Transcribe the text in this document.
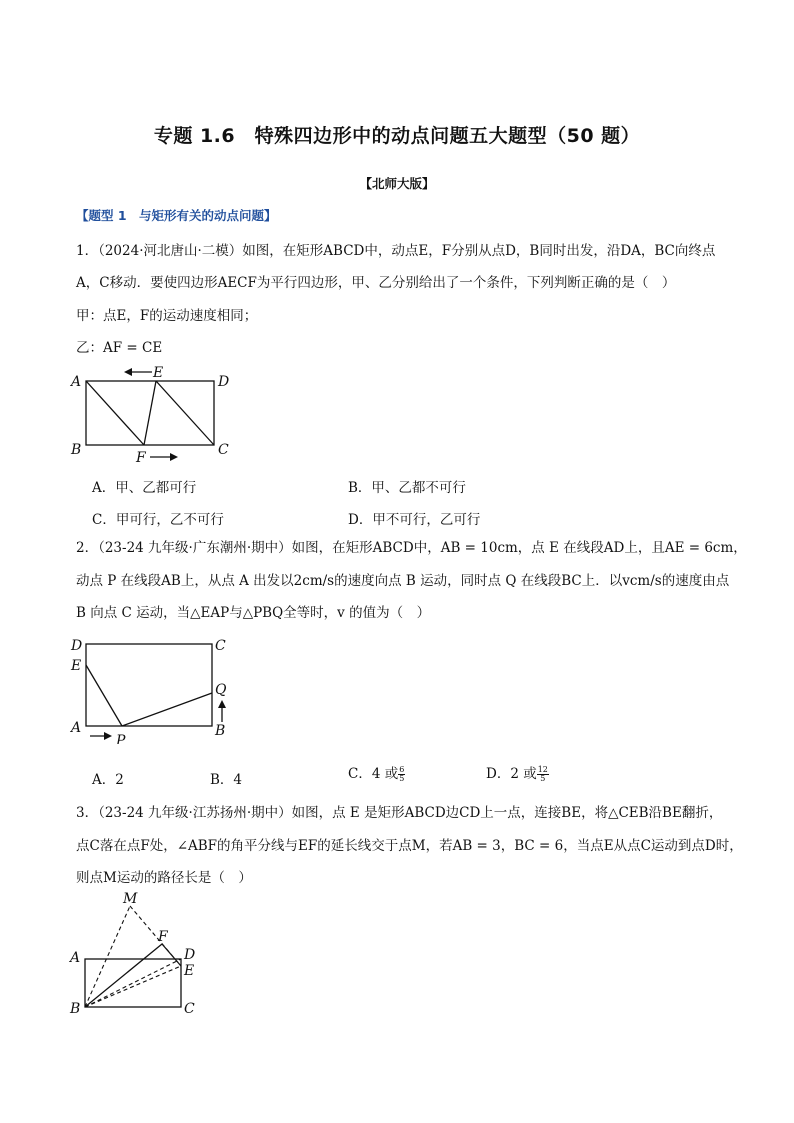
专题 1.6　特殊四边形中的动点问题五大题型（50 题）
【北师大版】
【题型 1　与矩形有关的动点问题】
1．（2024·河北唐山·二模）如图，在矩形ABCD中，动点E，F分别从点D，B同时出发，沿DA，BC向终点
A，C移动．要使四边形AECF为平行四边形，甲、乙分别给出了一个条件，下列判断正确的是（　）
甲：点E，F的运动速度相同；
乙：AF = CE
A
B	C
D
E
F
A．甲、乙都可行	B．甲、乙都不可行
C．甲可行，乙不可行	D．甲不可行，乙可行
2．（23-24 九年级·广东潮州·期中）如图，在矩形ABCD中，AB = 10cm，点 E 在线段AD上，且AE = 6cm，
动点 P 在线段AB上，从点 A 出发以2cm/s的速度向点 B 运动，同时点 Q 在线段BC上．以vcm/s的速度由点
B 向点 C 运动，当△EAP与△PBQ全等时，v 的值为（　）
D
E
A
P
B
C
Q
A．2	B．4	C．4 或 $\frac{6}{5}$	D．2 或 $\frac{12}{5}$
3．（23-24 九年级·江苏扬州·期中）如图，点 E 是矩形ABCD边CD上一点，连接BE，将△CEB沿BE翻折，
点C落在点F处，∠ABF的角平分线与EF的延长线交于点M，若AB = 3，BC = 6，当点E从点C运动到点D时，
则点M运动的路径长是（　）
M
F
D
E
A
B	C
